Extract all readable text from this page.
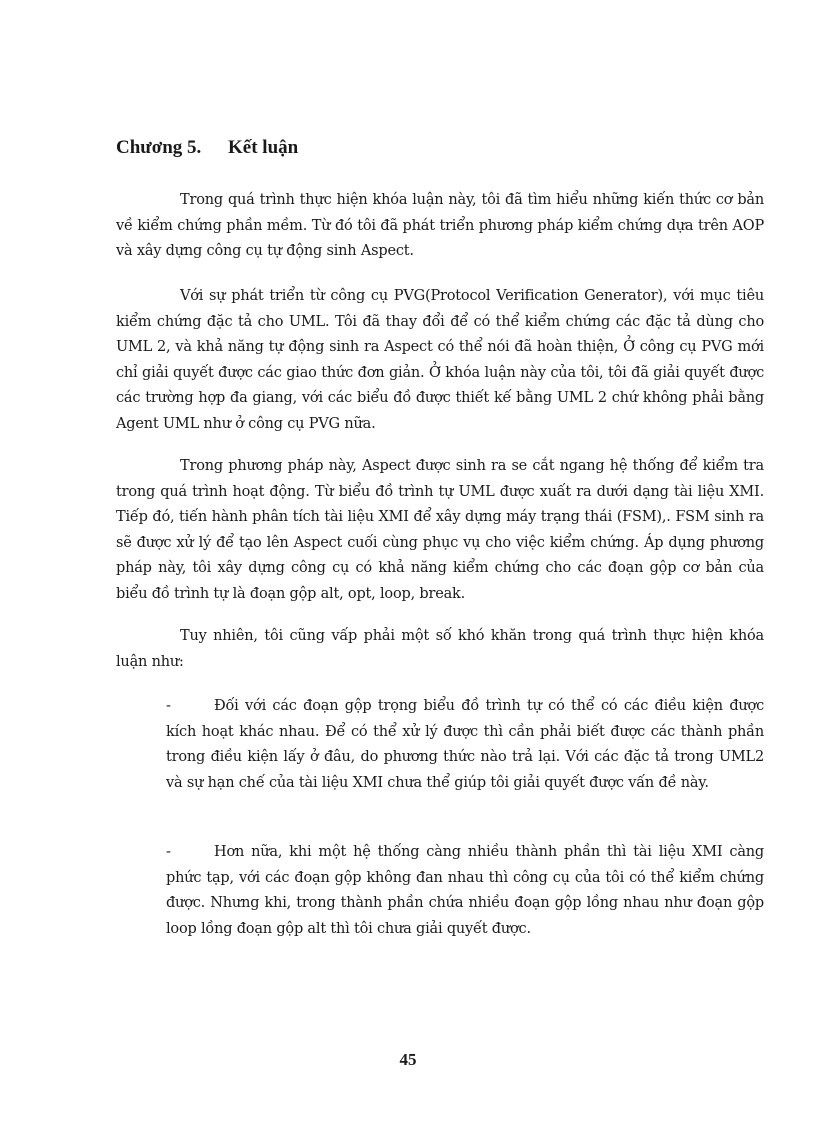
Chương 5.	Kết luận
Trong quá trình thực hiện khóa luận này, tôi đã tìm hiểu những kiến thức cơ bản về kiểm chứng phần mềm. Từ đó tôi đã phát triển phương pháp kiểm chứng dựa trên AOP và xây dựng công cụ tự động sinh Aspect.
Với sự phát triển từ công cụ PVG(Protocol Verification Generator), với mục tiêu kiểm chứng đặc tả cho UML. Tôi đã thay đổi để có thể kiểm chứng các đặc tả dùng cho UML 2, và khả năng tự động sinh ra Aspect có thể nói đã hoàn thiện, Ở công cụ PVG mới chỉ giải quyết được các giao thức đơn giản. Ở khóa luận này của tôi, tôi đã giải quyết được các trường hợp đa giang, với các biểu đồ được thiết kế bằng UML 2 chứ không phải bằng Agent UML như ở công cụ PVG nữa.
Trong phương pháp này, Aspect được sinh ra se cắt ngang hệ thống để kiểm tra trong quá trình hoạt động. Từ biểu đồ trình tự UML được xuất ra dưới dạng tài liệu XMI. Tiếp đó, tiến hành phân tích tài liệu XMI để xây dựng máy trạng thái (FSM),. FSM sinh ra sẽ được xử lý để tạo lên Aspect cuối cùng phục vụ cho việc kiểm chứng. Áp dụng phương pháp này, tôi xây dựng công cụ có khả năng kiểm chứng cho các đoạn gộp cơ bản của biểu đồ trình tự là đoạn gộp alt, opt, loop, break.
Tuy nhiên, tôi cũng vấp phải một số khó khăn trong quá trình thực hiện khóa luận như:
-	Đối với các đoạn gộp trọng biểu đồ trình tự có thể có các điều kiện được kích hoạt khác nhau. Để có thể xử lý được thì cần phải biết được các thành phần trong điều kiện lấy ở đâu, do phương thức nào trả lại. Với các đặc tả trong UML2 và sự hạn chế của tài liệu XMI chưa thể giúp tôi giải quyết được vấn đề này.
-	Hơn nữa, khi một hệ thống càng nhiều thành phần thì tài liệu XMI càng phức tạp, với các đoạn gộp không đan nhau thì công cụ của tôi có thể kiểm chứng được. Nhưng khi, trong thành phần chứa nhiều đoạn gộp lồng nhau như đoạn gộp loop lồng đoạn gộp alt thì tôi chưa giải quyết được.
45
